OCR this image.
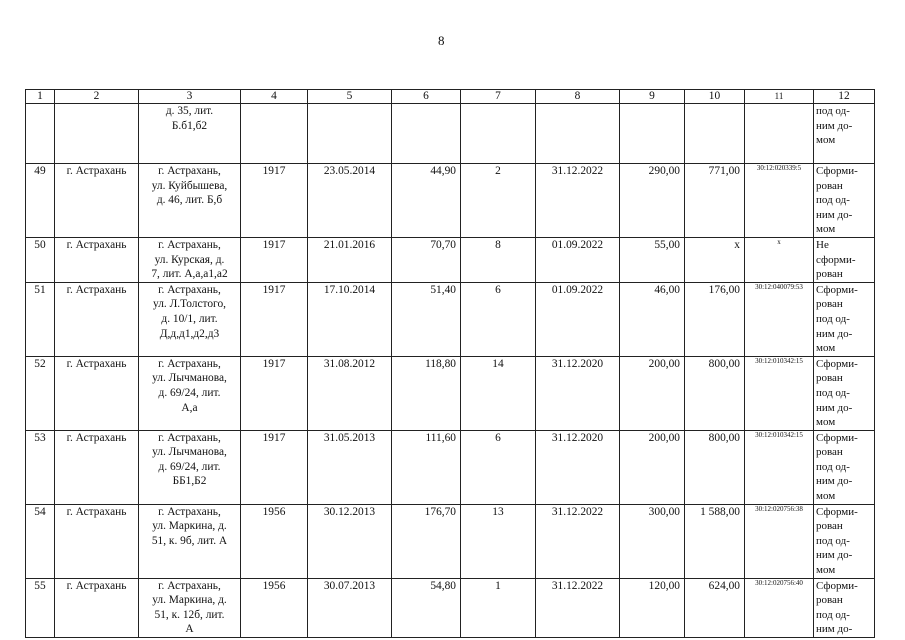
8
1	2	3	4	5	6	7	8	9	10	11	12
		д. 35, лит.
Б.б1,б2									под од-
ним до-
мом
49	г. Астрахань	г. Астрахань,
ул. Куйбышева,
д. 46, лит. Б,б	1917	23.05.2014	44,90	2	31.12.2022	290,00	771,00	30:12:020339:5	Сформи-
рован
под од-
ним до-
мом
50	г. Астрахань	г. Астрахань,
ул. Курская, д.
7, лит. А,а,а1,а2	1917	21.01.2016	70,70	8	01.09.2022	55,00	х	х	Не
сформи-
рован
51	г. Астрахань	г. Астрахань,
ул. Л.Толстого,
д. 10/1, лит.
Д,д,д1,д2,д3	1917	17.10.2014	51,40	6	01.09.2022	46,00	176,00	30:12:040079:53	Сформи-
рован
под од-
ним до-
мом
52	г. Астрахань	г. Астрахань,
ул. Лычманова,
д. 69/24, лит.
А,а	1917	31.08.2012	118,80	14	31.12.2020	200,00	800,00	30:12:010342:15	Сформи-
рован
под од-
ним до-
мом
53	г. Астрахань	г. Астрахань,
ул. Лычманова,
д. 69/24, лит.
ББ1,Б2	1917	31.05.2013	111,60	6	31.12.2020	200,00	800,00	30:12:010342:15	Сформи-
рован
под од-
ним до-
мом
54	г. Астрахань	г. Астрахань,
ул. Маркина, д.
51, к. 9б, лит. А	1956	30.12.2013	176,70	13	31.12.2022	300,00	1 588,00	30:12:020756:38	Сформи-
рован
под од-
ним до-
мом
55	г. Астрахань	г. Астрахань,
ул. Маркина, д.
51, к. 12б, лит.
А	1956	30.07.2013	54,80	1	31.12.2022	120,00	624,00	30:12:020756:40	Сформи-
рован
под од-
ним до-
